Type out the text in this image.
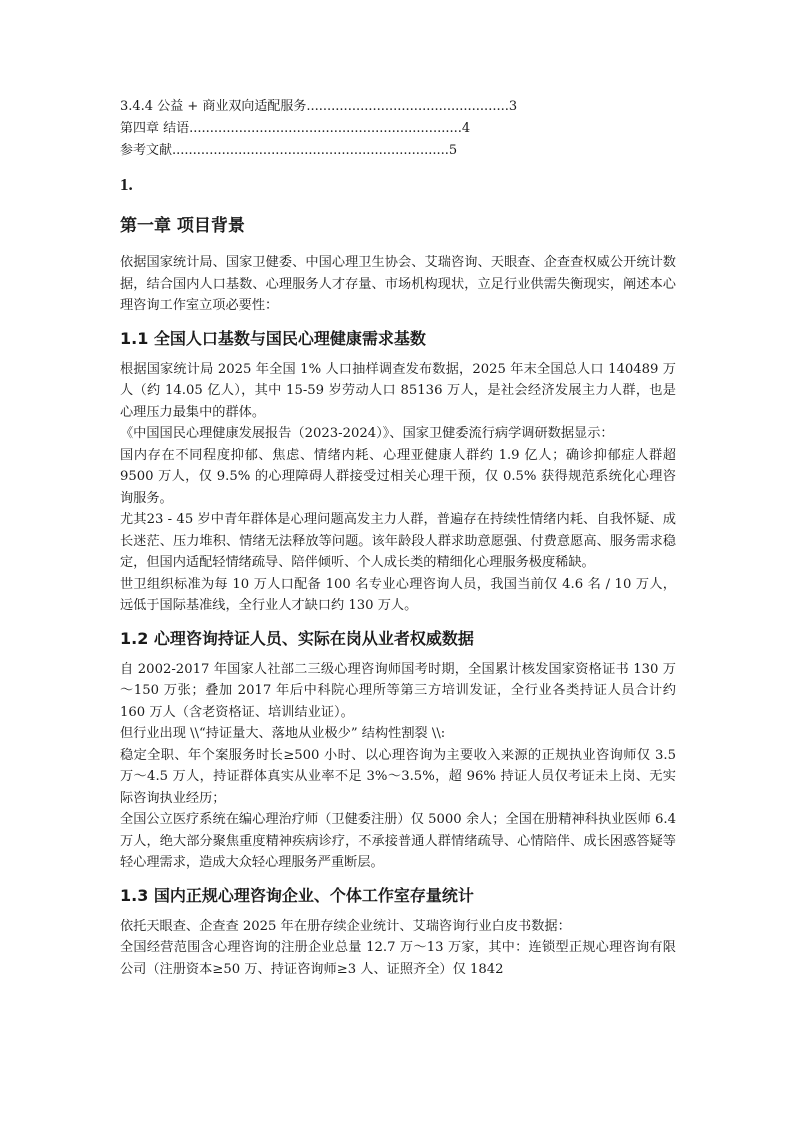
3.4.4 公益 + 商业双向适配服务.................................................3
第四章 结语..................................................................4
参考文献...................................................................5
1.
第一章 项目背景

依据国家统计局、国家卫健委、中国心理卫生协会、艾瑞咨询、天眼查、企查查权威公开统计数据，结合国内人口基数、心理服务人才存量、市场机构现状，立足行业供需失衡现实，阐述本心理咨询工作室立项必要性：

1.1 全国人口基数与国民心理健康需求基数

根据国家统计局 2025 年全国 1% 人口抽样调查发布数据，2025 年末全国总人口 140489 万人（约 14.05 亿人），其中 15-59 岁劳动人口 85136 万人，是社会经济发展主力人群，也是心理压力最集中的群体。

《中国国民心理健康发展报告（2023-2024）》、国家卫健委流行病学调研数据显示：

国内存在不同程度抑郁、焦虑、情绪内耗、心理亚健康人群约 1.9 亿人；确诊抑郁症人群超 9500 万人，仅 9.5% 的心理障碍人群接受过相关心理干预，仅 0.5% 获得规范系统化心理咨询服务。

尤其23 - 45 岁中青年群体是心理问题高发主力人群，普遍存在持续性情绪内耗、自我怀疑、成长迷茫、压力堆积、情绪无法释放等问题。该年龄段人群求助意愿强、付费意愿高、服务需求稳定，但国内适配轻情绪疏导、陪伴倾听、个人成长类的精细化心理服务极度稀缺。

世卫组织标准为每 10 万人口配备 100 名专业心理咨询人员，我国当前仅 4.6 名 / 10 万人，远低于国际基准线，全行业人才缺口约 130 万人。

1.2 心理咨询持证人员、实际在岗从业者权威数据

自 2002-2017 年国家人社部二三级心理咨询师国考时期，全国累计核发国家资格证书 130 万～150 万张；叠加 2017 年后中科院心理所等第三方培训发证，全行业各类持证人员合计约 160 万人（含老资格证、培训结业证）。

但行业出现 \\“持证量大、落地从业极少” 结构性割裂 \\:

稳定全职、年个案服务时长≥500 小时、以心理咨询为主要收入来源的正规执业咨询师仅 3.5 万～4.5 万人，持证群体真实从业率不足 3%～3.5%，超 96% 持证人员仅考证未上岗、无实际咨询执业经历；

全国公立医疗系统在编心理治疗师（卫健委注册）仅 5000 余人；全国在册精神科执业医师 6.4 万人，绝大部分聚焦重度精神疾病诊疗，不承接普通人群情绪疏导、心情陪伴、成长困惑答疑等轻心理需求，造成大众轻心理服务严重断层。

1.3 国内正规心理咨询企业、个体工作室存量统计

依托天眼查、企查查 2025 年在册存续企业统计、艾瑞咨询行业白皮书数据：

全国经营范围含心理咨询的注册企业总量 12.7 万～13 万家，其中：连锁型正规心理咨询有限公司（注册资本≥50 万、持证咨询师≥3 人、证照齐全）仅 1842
